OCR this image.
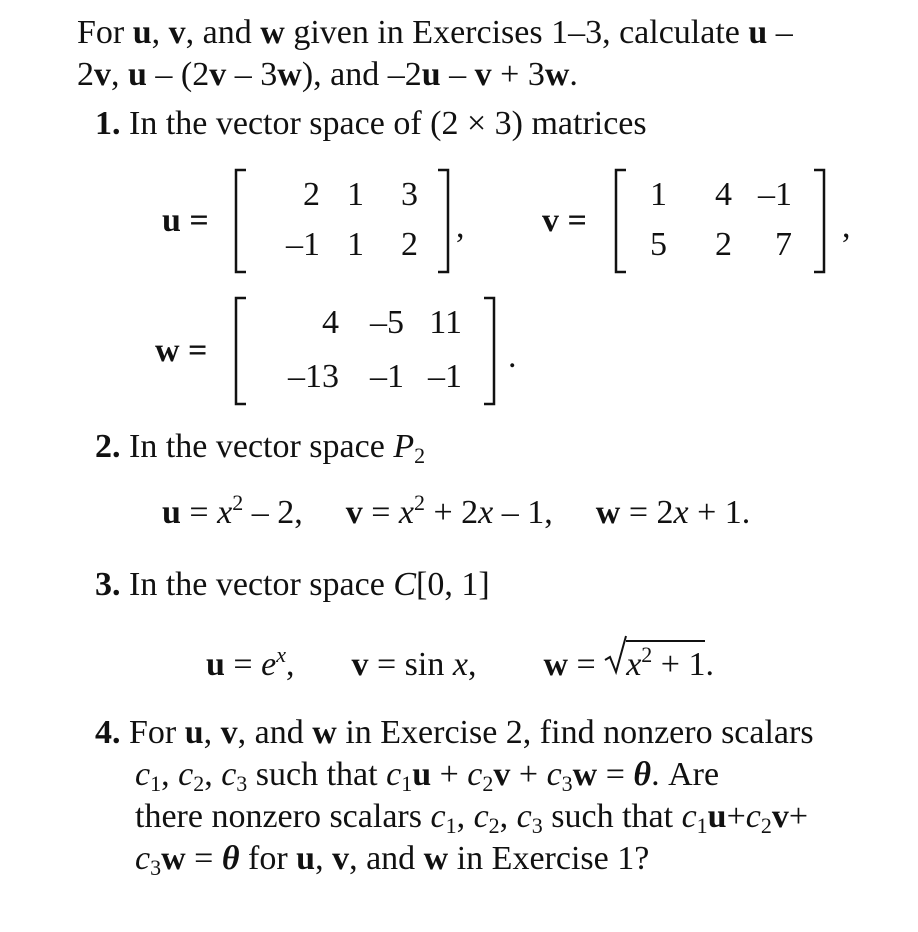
For u, v, and w given in Exercises 1–3, calculate u –
2v, u – (2v – 3w), and –2u – v + 3w.
1. In the vector space of (2 × 3) matrices
u =
2 1 3
–1 1 2 , v =
1 4 –1
5 2 7 ,
w =
4 –5 11
–13 –1 –1
.
2. In the vector space $P_2$
$u = x^2 - 2$, $v = x^2 + 2x - 1$, w = 2x + 1.
3. In the vector space C[0, 1]
$u = e^x$, v = sin x, w =
$x^2 + 1$.
4. For u, v, and w in Exercise 2, find nonzero scalars
$c_1$, $c_2$, $c_3$ such that $c_1u + c_2v + c_3w = \theta$. Are
there nonzero scalars $c_1$, $c_2$, $c_3$ such that $c_1u+c_2v+$
$c_3w = \theta$ for u, v, and w in Exercise 1?
